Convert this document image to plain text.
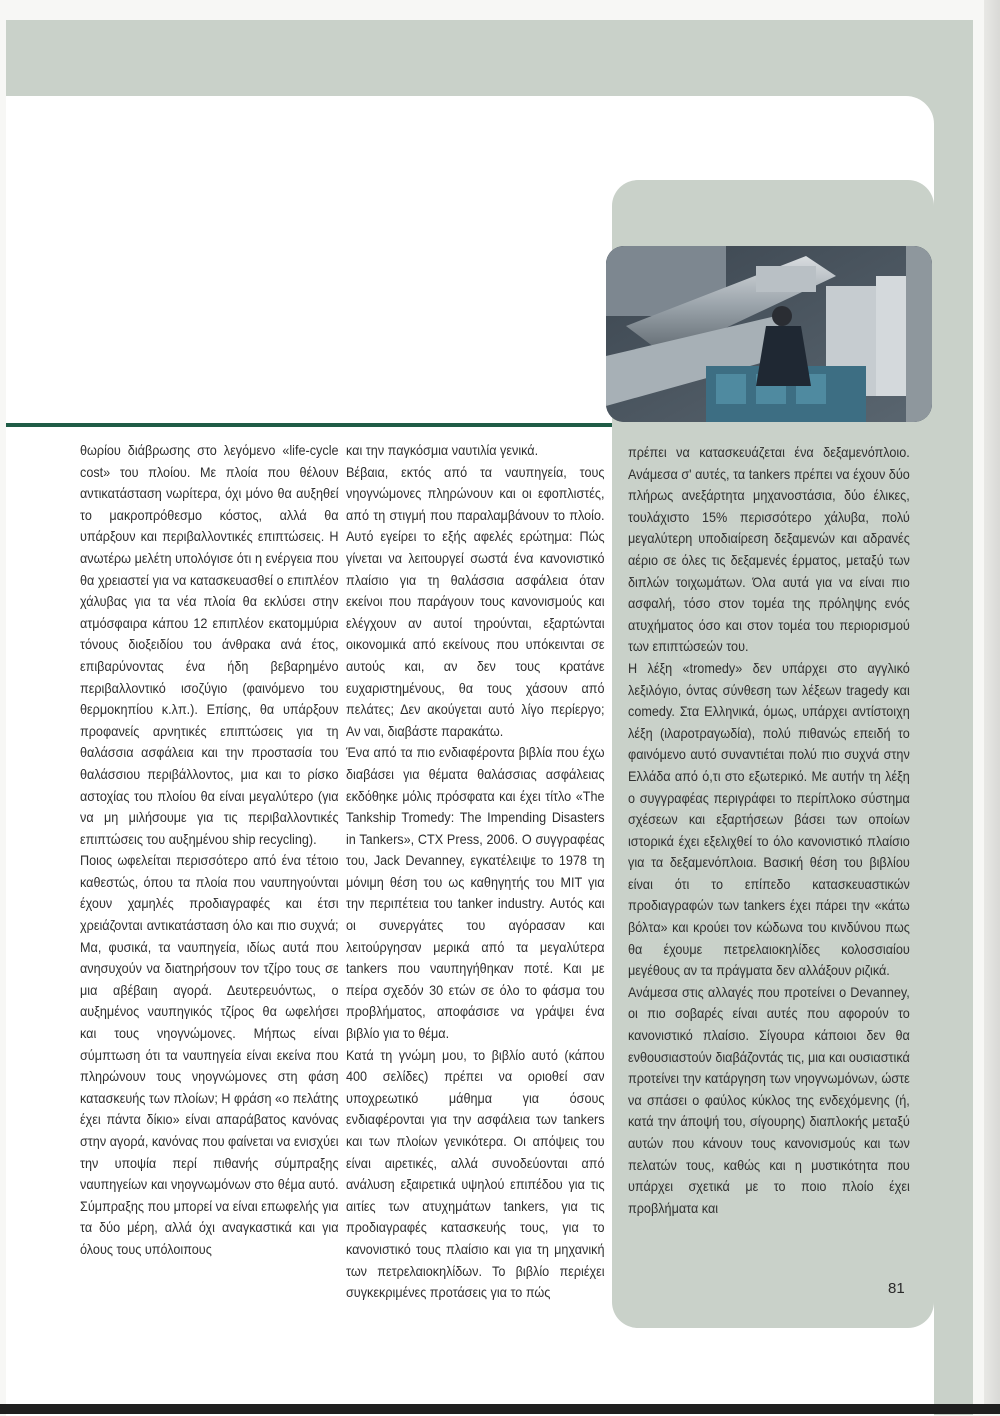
θωρίου διάβρωσης στο λεγόμενο «life-cycle cost» του πλοίου. Με πλοία που θέλουν αντικατάσταση νωρίτερα, όχι μόνο θα αυξηθεί το μακροπρόθεσμο κόστος, αλλά θα υπάρξουν και περιβαλλοντικές επιπτώσεις. Η ανωτέρω μελέτη υπολόγισε ότι η ενέργεια που θα χρειαστεί για να κατασκευασθεί ο επιπλέον χάλυβας για τα νέα πλοία θα εκλύσει στην ατμόσφαιρα κάπου 12 επιπλέον εκατομμύρια τόνους διοξειδίου του άνθρακα ανά έτος, επιβαρύνοντας ένα ήδη βεβαρημένο περιβαλλοντικό ισοζύγιο (φαινόμενο του θερμοκηπίου κ.λπ.). Επίσης, θα υπάρξουν προφανείς αρνητικές επιπτώσεις για τη θαλάσσια ασφάλεια και την προστασία του θαλάσσιου περιβάλλοντος, μια και το ρίσκο αστοχίας του πλοίου θα είναι μεγαλύτερο (για να μη μιλήσουμε για τις περιβαλλοντικές επιπτώσεις του αυξημένου ship recycling).

Ποιος ωφελείται περισσότερο από ένα τέτοιο καθεστώς, όπου τα πλοία που ναυπηγούνται έχουν χαμηλές προδιαγραφές και έτσι χρειάζονται αντικατάσταση όλο και πιο συχνά; Μα, φυσικά, τα ναυπηγεία, ιδίως αυτά που ανησυχούν να διατηρήσουν τον τζίρο τους σε μια αβέβαιη αγορά. Δευτερευόντως, ο αυξημένος ναυπηγικός τζίρος θα ωφελήσει και τους νηογνώμονες. Μήπως είναι σύμπτωση ότι τα ναυπηγεία είναι εκείνα που πληρώνουν τους νηογνώμονες στη φάση κατασκευής των πλοίων; Η φράση «ο πελάτης έχει πάντα δίκιο» είναι απαράβατος κανόνας στην αγορά, κανόνας που φαίνεται να ενισχύει την υποψία περί πιθανής σύμπραξης ναυπηγείων και νηογνωμόνων στο θέμα αυτό. Σύμπραξης που μπορεί να είναι επωφελής για τα δύο μέρη, αλλά όχι αναγκαστικά και για όλους τους υπόλοιπους

και την παγκόσμια ναυτιλία γενικά.

Βέβαια, εκτός από τα ναυπηγεία, τους νηογνώμονες πληρώνουν και οι εφοπλιστές, από τη στιγμή που παραλαμβάνουν το πλοίο. Αυτό εγείρει το εξής αφελές ερώτημα: Πώς γίνεται να λειτουργεί σωστά ένα κανονιστικό πλαίσιο για τη θαλάσσια ασφάλεια όταν εκείνοι που παράγουν τους κανονισμούς και ελέγχουν αν αυτοί τηρούνται, εξαρτώνται οικονομικά από εκείνους που υπόκεινται σε αυτούς και, αν δεν τους κρατάνε ευχαριστημένους, θα τους χάσουν από πελάτες; Δεν ακούγεται αυτό λίγο περίεργο; Αν ναι, διαβάστε παρακάτω.

Ένα από τα πιο ενδιαφέροντα βιβλία που έχω διαβάσει για θέματα θαλάσσιας ασφάλειας εκδόθηκε μόλις πρόσφατα και έχει τίτλο «The Tankship Tromedy: The Impending Disasters in Tankers», CTX Press, 2006. Ο συγγραφέας του, Jack Devanney, εγκατέλειψε το 1978 τη μόνιμη θέση του ως καθηγητής του MIT για την περιπέτεια του tanker industry. Αυτός και οι συνεργάτες του αγόρασαν και λειτούργησαν μερικά από τα μεγαλύτερα tankers που ναυπηγήθηκαν ποτέ. Και με πείρα σχεδόν 30 ετών σε όλο το φάσμα του προβλήματος, αποφάσισε να γράψει ένα βιβλίο για το θέμα.

Κατά τη γνώμη μου, το βιβλίο αυτό (κάπου 400 σελίδες) πρέπει να οριοθεί σαν υποχρεωτικό μάθημα για όσους ενδιαφέρονται για την ασφάλεια των tankers και των πλοίων γενικότερα. Οι απόψεις του είναι αιρετικές, αλλά συνοδεύονται από ανάλυση εξαιρετικά υψηλού επιπέδου για τις αιτίες των ατυχημάτων tankers, για τις προδιαγραφές κατασκευής τους, για το κανονιστικό τους πλαίσιο και για τη μηχανική των πετρελαιοκηλίδων. Το βιβλίο περιέχει συγκεκριμένες προτάσεις για το πώς

πρέπει να κατασκευάζεται ένα δεξαμενόπλοιο. Ανάμεσα σ' αυτές, τα tankers πρέπει να έχουν δύο πλήρως ανεξάρτητα μηχανοστάσια, δύο έλικες, τουλάχιστο 15% περισσότερο χάλυβα, πολύ μεγαλύτερη υποδιαίρεση δεξαμενών και αδρανές αέριο σε όλες τις δεξαμενές έρματος, μεταξύ των διπλών τοιχωμάτων. Όλα αυτά για να είναι πιο ασφαλή, τόσο στον τομέα της πρόληψης ενός ατυχήματος όσο και στον τομέα του περιορισμού των επιπτώσεών του.

Η λέξη «tromedy» δεν υπάρχει στο αγγλικό λεξιλόγιο, όντας σύνθεση των λέξεων tragedy και comedy. Στα Ελληνικά, όμως, υπάρχει αντίστοιχη λέξη (ιλαροτραγωδία), πολύ πιθανώς επειδή το φαινόμενο αυτό συναντιέται πολύ πιο συχνά στην Ελλάδα από ό,τι στο εξωτερικό. Με αυτήν τη λέξη ο συγγραφέας περιγράφει το περίπλοκο σύστημα σχέσεων και εξαρτήσεων βάσει των οποίων ιστορικά έχει εξελιχθεί το όλο κανονιστικό πλαίσιο για τα δεξαμενόπλοια. Βασική θέση του βιβλίου είναι ότι το επίπεδο κατασκευαστικών προδιαγραφών των tankers έχει πάρει την «κάτω βόλτα» και κρούει τον κώδωνα του κινδύνου πως θα έχουμε πετρελαιοκηλίδες κολοσσιαίου μεγέθους αν τα πράγματα δεν αλλάξουν ριζικά.

Ανάμεσα στις αλλαγές που προτείνει ο Devanney, οι πιο σοβαρές είναι αυτές που αφορούν το κανονιστικό πλαίσιο. Σίγουρα κάποιοι δεν θα ενθουσιαστούν διαβάζοντάς τις, μια και ουσιαστικά προτείνει την κατάργηση των νηογνωμόνων, ώστε να σπάσει ο φαύλος κύκλος της ενδεχόμενης (ή, κατά την άποψή του, σίγουρης) διαπλοκής μεταξύ αυτών που κάνουν τους κανονισμούς και των πελατών τους, καθώς και η μυστικότητα που υπάρχει σχετικά με το ποιο πλοίο έχει προβλήματα και

81
